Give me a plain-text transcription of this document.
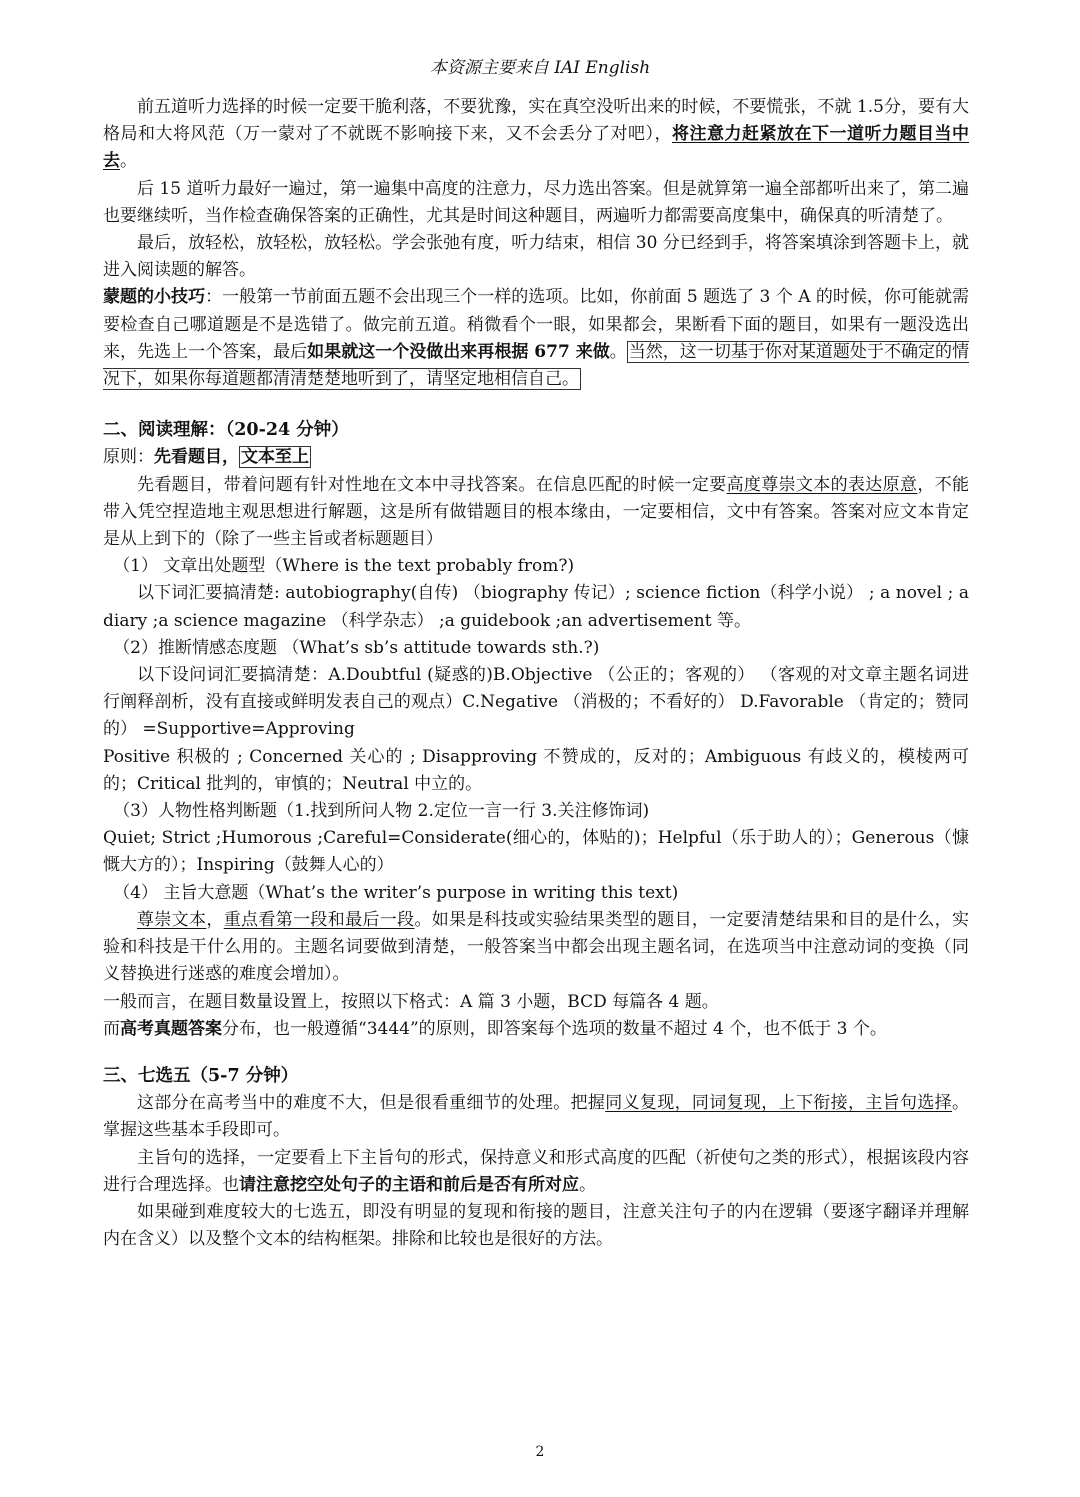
本资源主要来自 IAI English

前五道听力选择的时候一定要干脆利落，不要犹豫，实在真空没听出来的时候，不要慌张，不就 1.5分，要有大格局和大将风范（万一蒙对了不就既不影响接下来，又不会丢分了对吧），将注意力赶紧放在下一道听力题目当中去。

后 15 道听力最好一遍过，第一遍集中高度的注意力，尽力选出答案。但是就算第一遍全部都听出来了，第二遍也要继续听，当作检查确保答案的正确性，尤其是时间这种题目，两遍听力都需要高度集中，确保真的听清楚了。

最后，放轻松，放轻松，放轻松。学会张弛有度，听力结束，相信 30 分已经到手，将答案填涂到答题卡上，就进入阅读题的解答。

蒙题的小技巧：一般第一节前面五题不会出现三个一样的选项。比如，你前面 5 题选了 3 个 A 的时候，你可能就需要检查自己哪道题是不是选错了。做完前五道。稍微看个一眼，如果都会，果断看下面的题目，如果有一题没选出来，先选上一个答案，最后如果就这一个没做出来再根据 677 来做。 当然，这一切基于你对某道题处于不确定的情况下，如果你每道题都清清楚楚地听到了，请坚定地相信自己。

二、阅读理解：（20-24 分钟）

原则：先看题目， 文本至上

先看题目，带着问题有针对性地在文本中寻找答案。在信息匹配的时候一定要高度尊崇文本的表达原意，不能带入凭空捏造地主观思想进行解题，这是所有做错题目的根本缘由，一定要相信，文中有答案。答案对应文本肯定是从上到下的（除了一些主旨或者标题题目）

（1） 文章出处题型（Where is the text probably from?)

以下词汇要搞清楚: autobiography(自传) （biography 传记）; science fiction（科学小说） ; a novel ; a diary ;a science magazine （科学杂志） ;a guidebook ;an advertisement 等。

（2）推断情感态度题 （What’s sb’s attitude towards sth.?)

以下设问词汇要搞清楚：A.Doubtful (疑惑的)B.Objective （公正的；客观的） （客观的对文章主题名词进行阐释剖析，没有直接或鲜明发表自己的观点）C.Negative （消极的；不看好的） D.Favorable （肯定的；赞同的） =Supportive=Approving

Positive 积极的 ; Concerned 关心的 ; Disapproving 不赞成的，反对的；Ambiguous 有歧义的，模棱两可的；Critical 批判的，审慎的；Neutral 中立的。

（3）人物性格判断题（1.找到所问人物 2.定位一言一行 3.关注修饰词)

Quiet; Strict ;Humorous ;Careful=Considerate(细心的，体贴的)；Helpful（乐于助人的）；Generous（慷慨大方的）；Inspiring（鼓舞人心的）

（4） 主旨大意题（What’s the writer’s purpose in writing this text)

尊崇文本，重点看第一段和最后一段。如果是科技或实验结果类型的题目，一定要清楚结果和目的是什么，实验和科技是干什么用的。主题名词要做到清楚，一般答案当中都会出现主题名词，在选项当中注意动词的变换（同义替换进行迷惑的难度会增加）。

一般而言，在题目数量设置上，按照以下格式：A 篇 3 小题，BCD 每篇各 4 题。

而高考真题答案分布，也一般遵循“3444”的原则，即答案每个选项的数量不超过 4 个，也不低于 3 个。

三、七选五（5-7 分钟）

这部分在高考当中的难度不大，但是很看重细节的处理。把握同义复现，同词复现，上下衔接，主旨句选择。掌握这些基本手段即可。

主旨句的选择，一定要看上下主旨句的形式，保持意义和形式高度的匹配（祈使句之类的形式），根据该段内容进行合理选择。也请注意挖空处句子的主语和前后是否有所对应。

如果碰到难度较大的七选五，即没有明显的复现和衔接的题目，注意关注句子的内在逻辑（要逐字翻译并理解内在含义）以及整个文本的结构框架。排除和比较也是很好的方法。

2
